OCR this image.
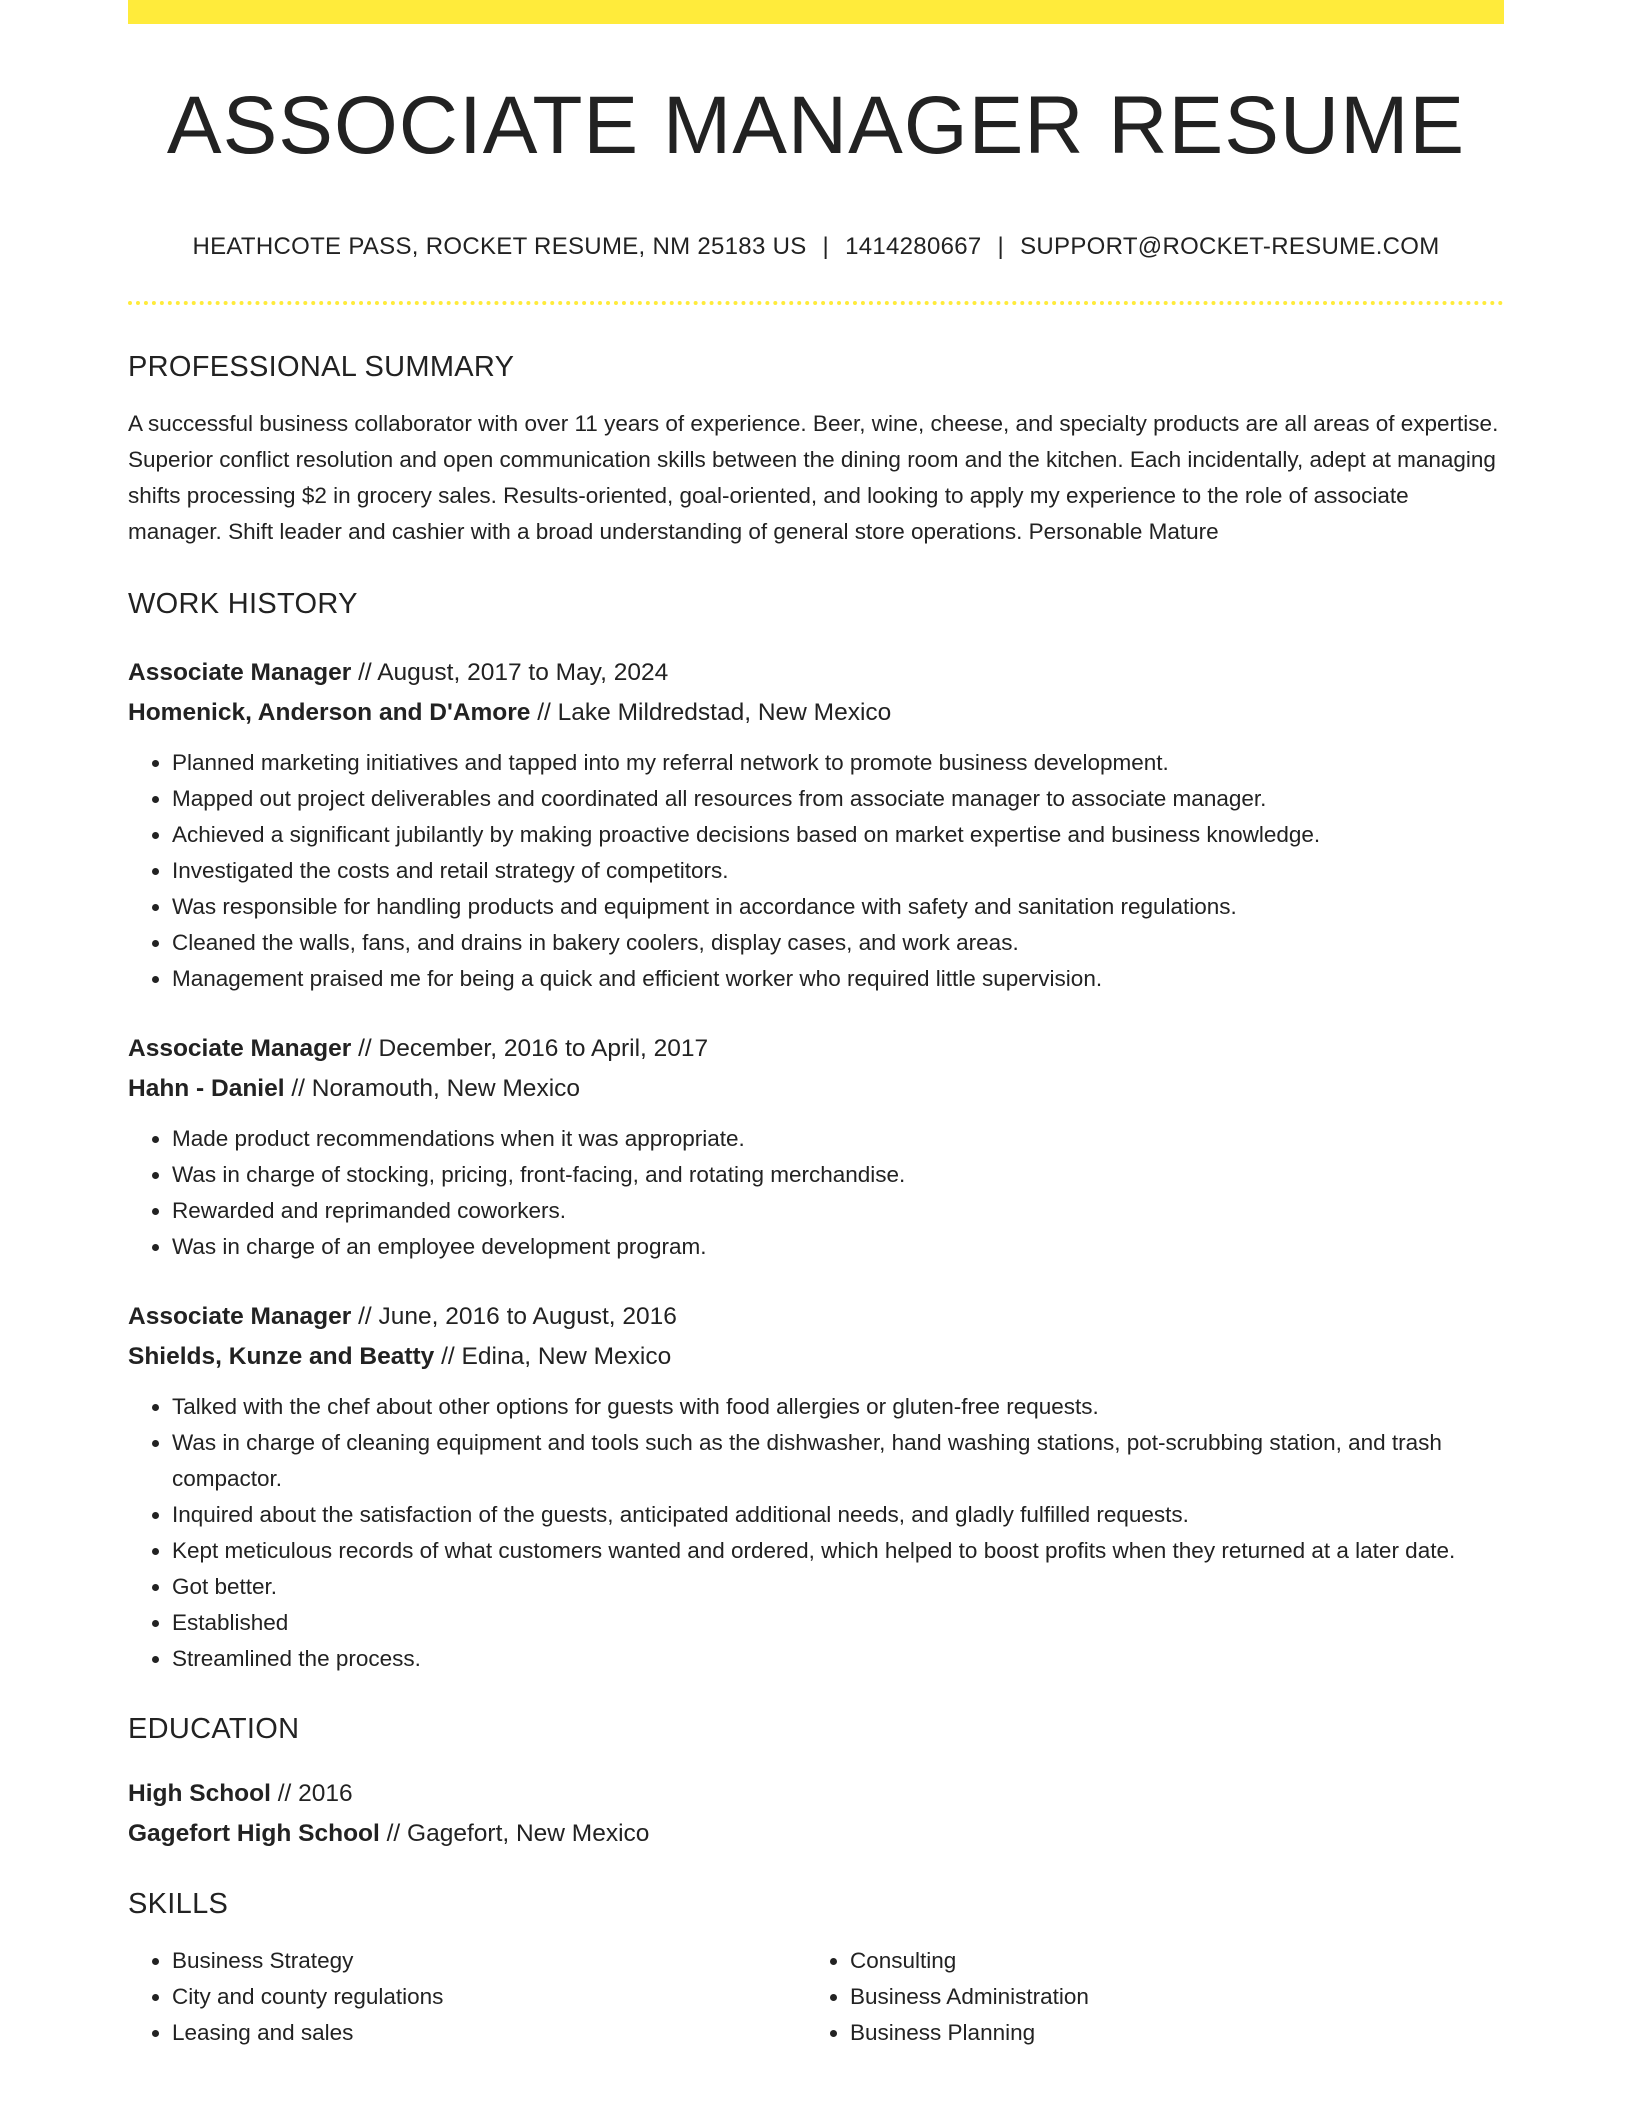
ASSOCIATE MANAGER RESUME
HEATHCOTE PASS, ROCKET RESUME, NM 25183 US | 1414280667 | SUPPORT@ROCKET-RESUME.COM
PROFESSIONAL SUMMARY

A successful business collaborator with over 11 years of experience. Beer, wine, cheese, and specialty products are all areas of expertise. Superior conflict resolution and open communication skills between the dining room and the kitchen. Each incidentally, adept at managing shifts processing $2 in grocery sales. Results-oriented, goal-oriented, and looking to apply my experience to the role of associate manager. Shift leader and cashier with a broad understanding of general store operations. Personable Mature

WORK HISTORY
Associate Manager // August, 2017 to May, 2024
Homenick, Anderson and D'Amore // Lake Mildredstad, New Mexico
• Planned marketing initiatives and tapped into my referral network to promote business development.
• Mapped out project deliverables and coordinated all resources from associate manager to associate manager.
• Achieved a significant jubilantly by making proactive decisions based on market expertise and business knowledge.
• Investigated the costs and retail strategy of competitors.
• Was responsible for handling products and equipment in accordance with safety and sanitation regulations.
• Cleaned the walls, fans, and drains in bakery coolers, display cases, and work areas.
• Management praised me for being a quick and efficient worker who required little supervision.
Associate Manager // December, 2016 to April, 2017
Hahn - Daniel // Noramouth, New Mexico
• Made product recommendations when it was appropriate.
• Was in charge of stocking, pricing, front-facing, and rotating merchandise.
• Rewarded and reprimanded coworkers.
• Was in charge of an employee development program.
Associate Manager // June, 2016 to August, 2016
Shields, Kunze and Beatty // Edina, New Mexico
• Talked with the chef about other options for guests with food allergies or gluten-free requests.
• Was in charge of cleaning equipment and tools such as the dishwasher, hand washing stations, pot-scrubbing station, and trash compactor.
• Inquired about the satisfaction of the guests, anticipated additional needs, and gladly fulfilled requests.
• Kept meticulous records of what customers wanted and ordered, which helped to boost profits when they returned at a later date.
• Got better.
• Established
• Streamlined the process.
EDUCATION
High School // 2016
Gagefort High School // Gagefort, New Mexico
SKILLS
• Business Strategy
• City and county regulations
• Leasing and sales
• Consulting
• Business Administration
• Business Planning
